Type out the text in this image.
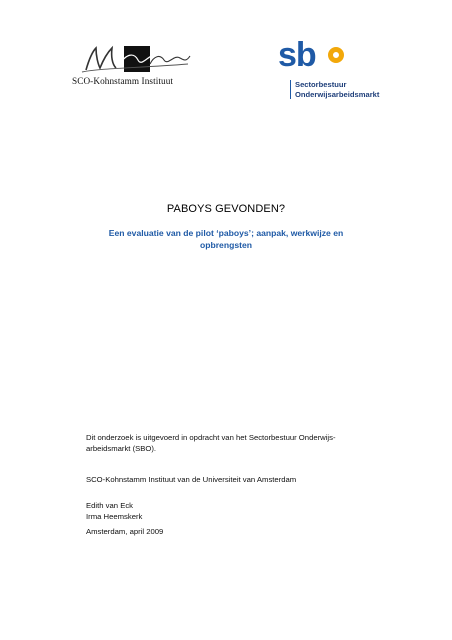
SCO-Kohnstamm Instituut
sb
Sectorbestuur
Onderwijsarbeidsmarkt
PABOYS GEVONDEN?
Een evaluatie van de pilot ‘paboys’; aanpak, werkwijze en opbrengsten
Dit onderzoek is uitgevoerd in opdracht van het Sectorbestuur Onderwijs-arbeidsmarkt (SBO).
SCO-Kohnstamm Instituut van de Universiteit van Amsterdam
Edith van Eck
Irma Heemskerk
Amsterdam, april 2009
